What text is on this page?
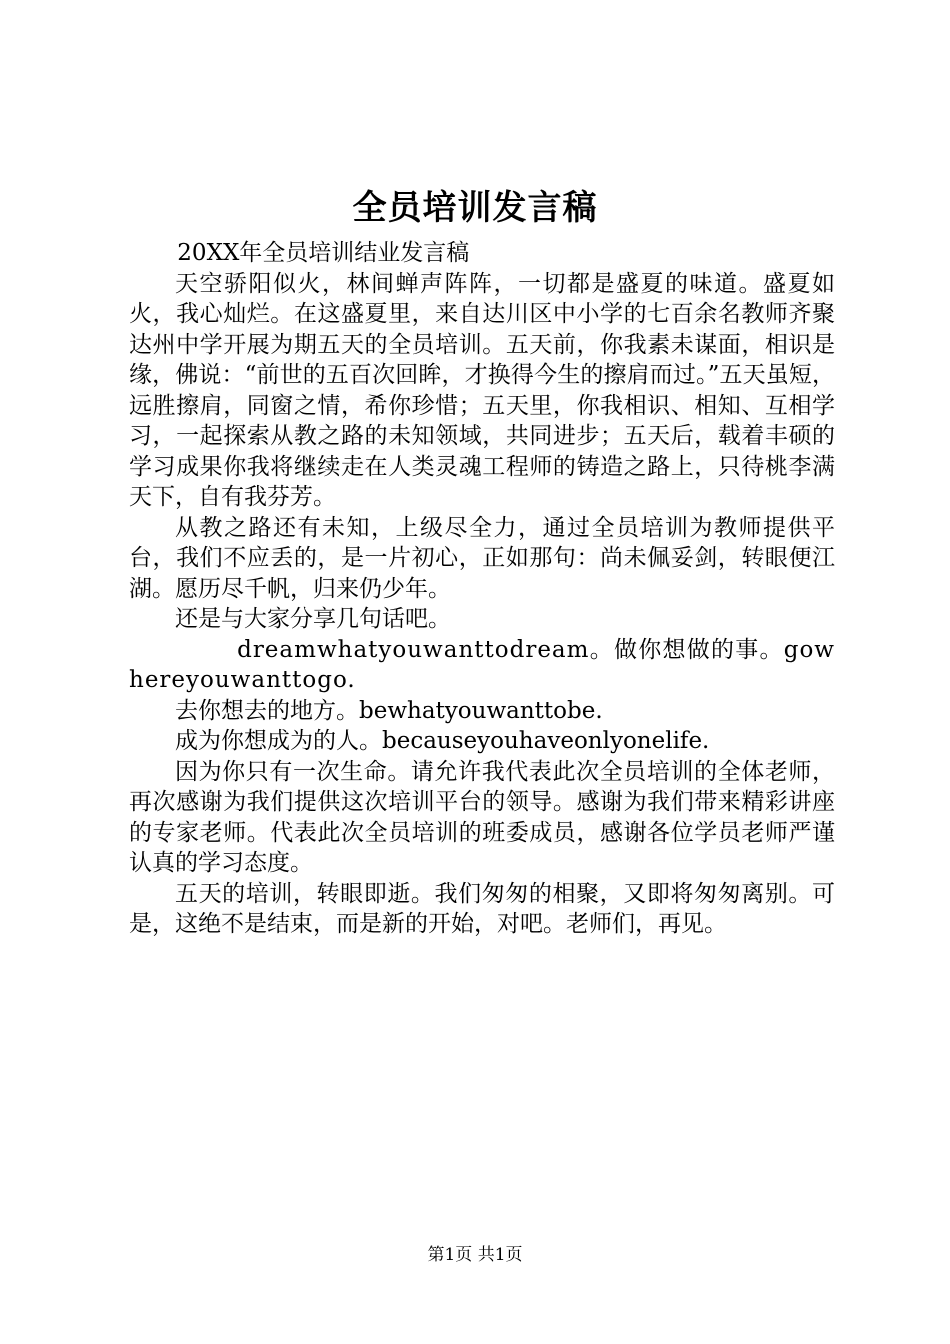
全员培训发言稿

20XX年全员培训结业发言稿

天空骄阳似火，林间蝉声阵阵，一切都是盛夏的味道。盛夏如火，我心灿烂。在这盛夏里，来自达川区中小学的七百余名教师齐聚达州中学开展为期五天的全员培训。五天前，你我素未谋面，相识是缘，佛说：“前世的五百次回眸，才换得今生的擦肩而过。”五天虽短，远胜擦肩，同窗之情，希你珍惜；五天里，你我相识、相知、互相学习，一起探索从教之路的未知领域，共同进步；五天后，载着丰硕的学习成果你我将继续走在人类灵魂工程师的铸造之路上，只待桃李满天下，自有我芬芳。

从教之路还有未知，上级尽全力，通过全员培训为教师提供平台，我们不应丢的，是一片初心，正如那句：尚未佩妥剑，转眼便江湖。愿历尽千帆，归来仍少年。

还是与大家分享几句话吧。

dreamwhatyouwanttodream。做你想做的事。gowhereyouwanttogo.

去你想去的地方。bewhatyouwanttobe.

成为你想成为的人。becauseyouhaveonlyonelife.

因为你只有一次生命。请允许我代表此次全员培训的全体老师，再次感谢为我们提供这次培训平台的领导。感谢为我们带来精彩讲座的专家老师。代表此次全员培训的班委成员，感谢各位学员老师严谨认真的学习态度。

五天的培训，转眼即逝。我们匆匆的相聚，又即将匆匆离别。可是，这绝不是结束，而是新的开始，对吧。老师们，再见。

第1页 共1页
